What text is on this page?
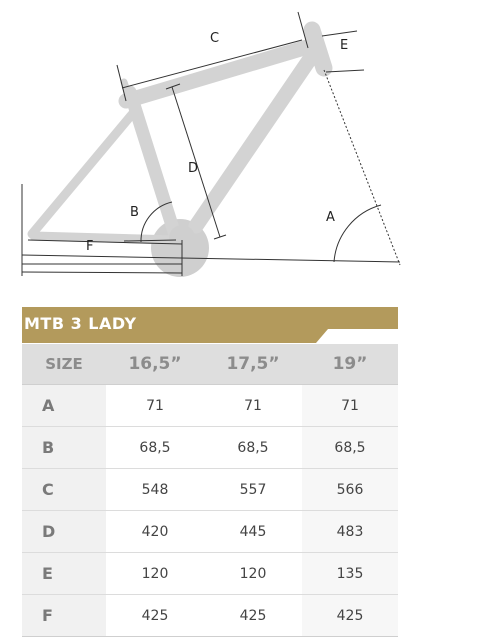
A
B
C
D
E
F
MTB 3 LADY
SIZE	16,5”	17,5”	19”
A	71	71	71
B	68,5	68,5	68,5
C	548	557	566
D	420	445	483
E	120	120	135
F	425	425	425
